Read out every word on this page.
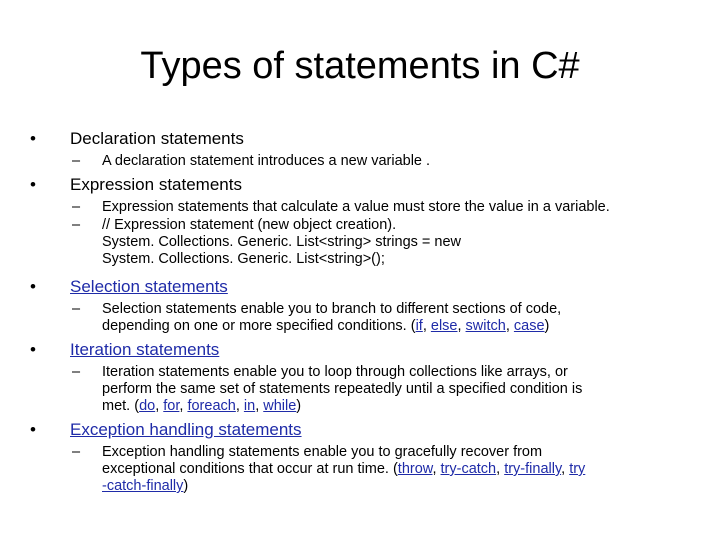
Types of statements in C#
• Declaration statements
– A declaration statement introduces a new variable .
• Expression statements
– Expression statements that calculate a value must store the value in a variable.
– // Expression statement (new object creation).
System. Collections. Generic. List<string> strings = new
System. Collections. Generic. List<string>();
• Selection statements
– Selection statements enable you to branch to different sections of code,
depending on one or more specified conditions. (if, else, switch, case)
• Iteration statements
– Iteration statements enable you to loop through collections like arrays, or
perform the same set of statements repeatedly until a specified condition is
met. (do, for, foreach, in, while)
• Exception handling statements
– Exception handling statements enable you to gracefully recover from
exceptional conditions that occur at run time. (throw, try-catch, try-finally, try
-catch-finally)
